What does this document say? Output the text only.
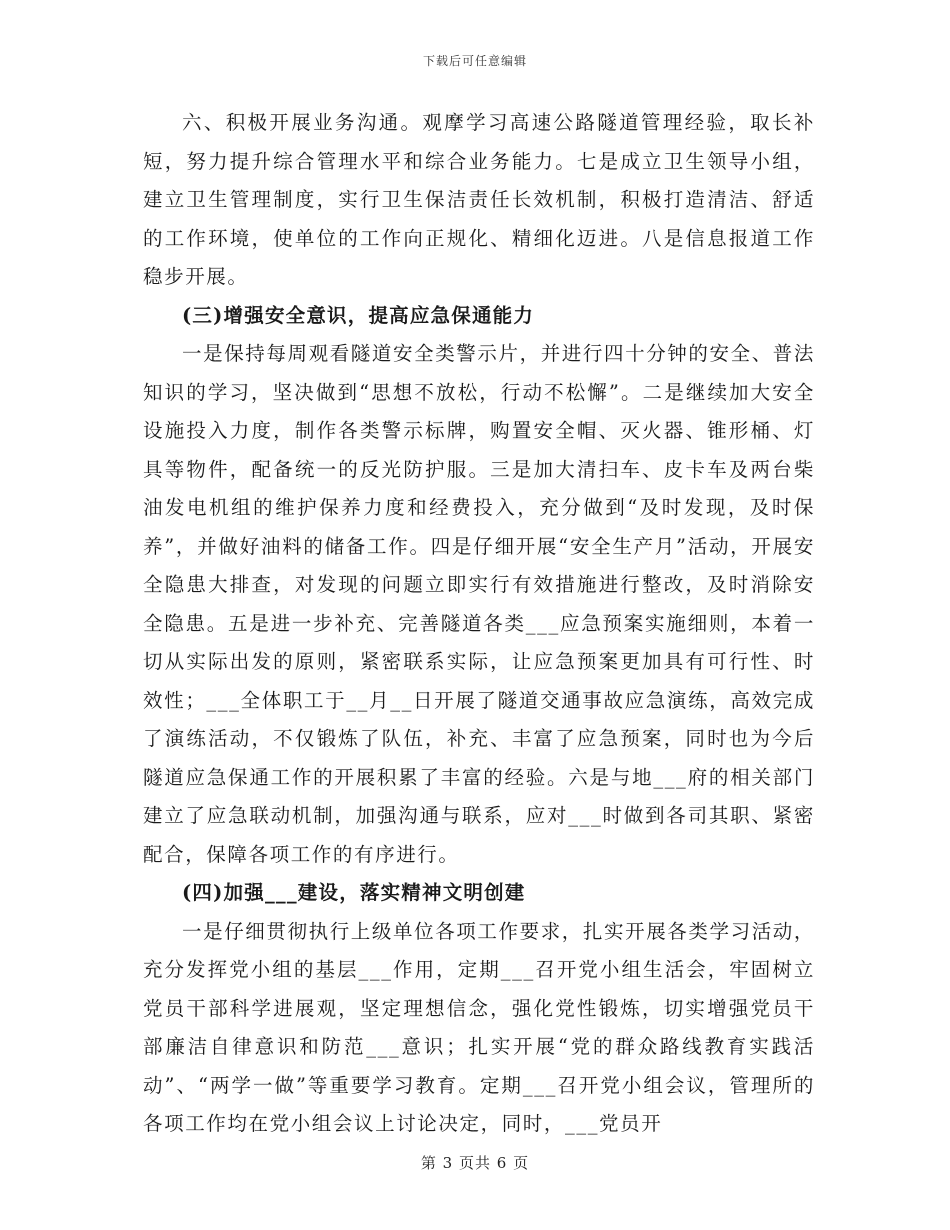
下载后可任意编辑

六、积极开展业务沟通。观摩学习高速公路隧道管理经验，取长补短，努力提升综合管理水平和综合业务能力。七是成立卫生领导小组，建立卫生管理制度，实行卫生保洁责任长效机制，积极打造清洁、舒适的工作环境，使单位的工作向正规化、精细化迈进。八是信息报道工作稳步开展。

(三)增强安全意识，提高应急保通能力

一是保持每周观看隧道安全类警示片，并进行四十分钟的安全、普法知识的学习，坚决做到“思想不放松，行动不松懈”。二是继续加大安全设施投入力度，制作各类警示标牌，购置安全帽、灭火器、锥形桶、灯具等物件，配备统一的反光防护服。三是加大清扫车、皮卡车及两台柴油发电机组的维护保养力度和经费投入，充分做到“及时发现，及时保养”，并做好油料的储备工作。四是仔细开展“安全生产月”活动，开展安全隐患大排查，对发现的问题立即实行有效措施进行整改，及时消除安全隐患。五是进一步补充、完善隧道各类___应急预案实施细则，本着一切从实际出发的原则，紧密联系实际，让应急预案更加具有可行性、时效性；___全体职工于__月__日开展了隧道交通事故应急演练，高效完成了演练活动，不仅锻炼了队伍，补充、丰富了应急预案，同时也为今后隧道应急保通工作的开展积累了丰富的经验。六是与地___府的相关部门建立了应急联动机制，加强沟通与联系，应对___时做到各司其职、紧密配合，保障各项工作的有序进行。

(四)加强___建设，落实精神文明创建

一是仔细贯彻执行上级单位各项工作要求，扎实开展各类学习活动，充分发挥党小组的基层___作用，定期___召开党小组生活会，牢固树立党员干部科学进展观，坚定理想信念，强化党性锻炼，切实增强党员干部廉洁自律意识和防范___意识；扎实开展“党的群众路线教育实践活动”、“两学一做”等重要学习教育。定期___召开党小组会议，管理所的各项工作均在党小组会议上讨论决定，同时，___党员开

第 3 页共 6 页
